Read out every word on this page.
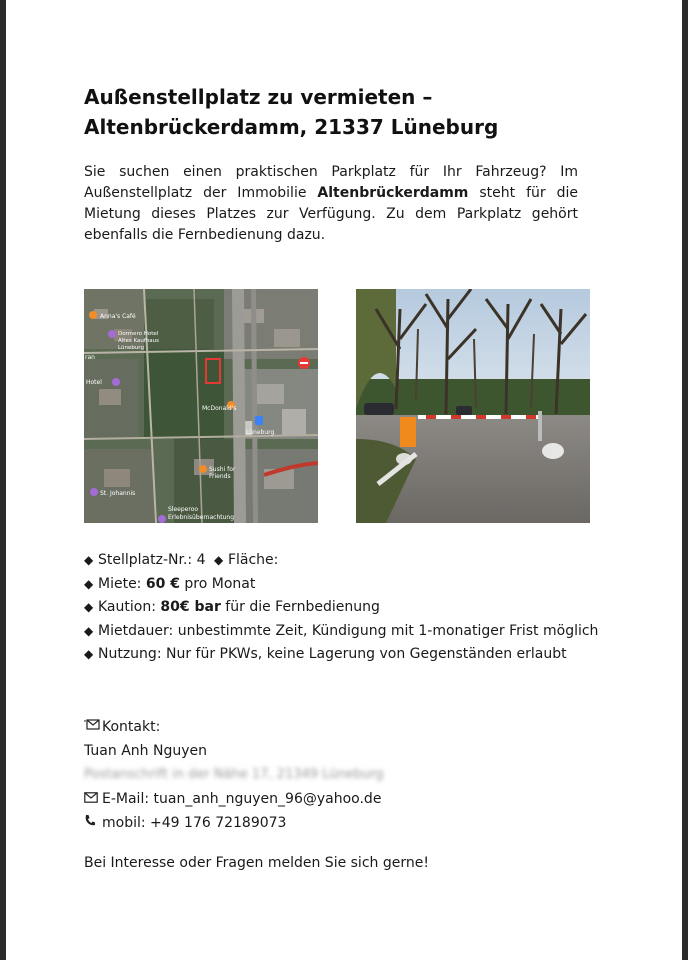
Außenstellplatz zu vermieten –
Altenbrückerdamm, 21337 Lüneburg
Sie suchen einen praktischen Parkplatz für Ihr Fahrzeug? Im Außenstellplatz der Immobilie Altenbrückerdamm steht für die Mietung dieses Platzes zur Verfügung. Zu dem Parkplatz gehört ebenfalls die Fernbedienung dazu.
Anna's Café
Dormero Hotel
Altes Kaufhaus
Lüneburg
ran
Hotel
McDonald's
Lüneburg
Sushi for
Friends
St. Johannis
Sleeperoo
Erlebnisübernachtung
◆ Stellplatz-Nr.: 4 ◆ Fläche:
◆ Miete: 60 € pro Monat
◆ Kaution: 80€ bar für die Fernbedienung
◆ Mietdauer: unbestimmte Zeit, Kündigung mit 1-monatiger Frist möglich
◆ Nutzung: Nur für PKWs, keine Lagerung von Gegenständen erlaubt
Kontakt:
Tuan Anh Nguyen
Postanschrift in der Nähe 17, 21349 Lüneburg
E-Mail: tuan_anh_nguyen_96@yahoo.de
mobil: +49 176 72189073
Bei Interesse oder Fragen melden Sie sich gerne!
